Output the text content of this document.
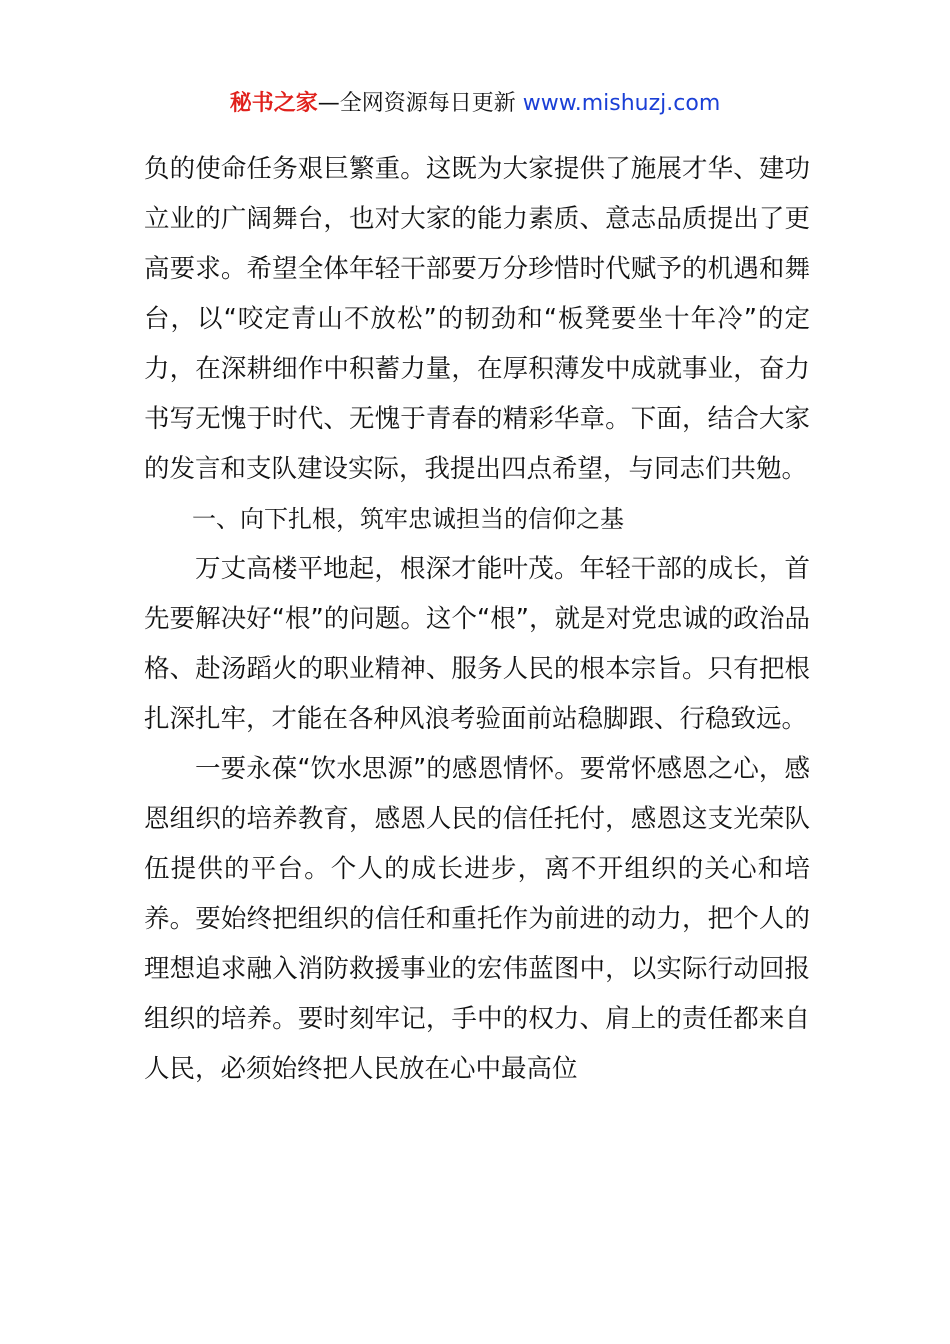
秘书之家—全网资源每日更新 www.mishuzj.com

负的使命任务艰巨繁重。这既为大家提供了施展才华、建功立业的广阔舞台，也对大家的能力素质、意志品质提出了更高要求。希望全体年轻干部要万分珍惜时代赋予的机遇和舞台，以“咬定青山不放松”的韧劲和“板凳要坐十年冷”的定力，在深耕细作中积蓄力量，在厚积薄发中成就事业，奋力书写无愧于时代、无愧于青春的精彩华章。下面，结合大家的发言和支队建设实际，我提出四点希望，与同志们共勉。

一、向下扎根，筑牢忠诚担当的信仰之基

万丈高楼平地起，根深才能叶茂。年轻干部的成长，首先要解决好“根”的问题。这个“根”，就是对党忠诚的政治品格、赴汤蹈火的职业精神、服务人民的根本宗旨。只有把根扎深扎牢，才能在各种风浪考验面前站稳脚跟、行稳致远。

一要永葆“饮水思源”的感恩情怀。要常怀感恩之心，感恩组织的培养教育，感恩人民的信任托付，感恩这支光荣队伍提供的平台。个人的成长进步，离不开组织的关心和培养。要始终把组织的信任和重托作为前进的动力，把个人的理想追求融入消防救援事业的宏伟蓝图中，以实际行动回报组织的培养。要时刻牢记，手中的权力、肩上的责任都来自人民，必须始终把人民放在心中最高位
